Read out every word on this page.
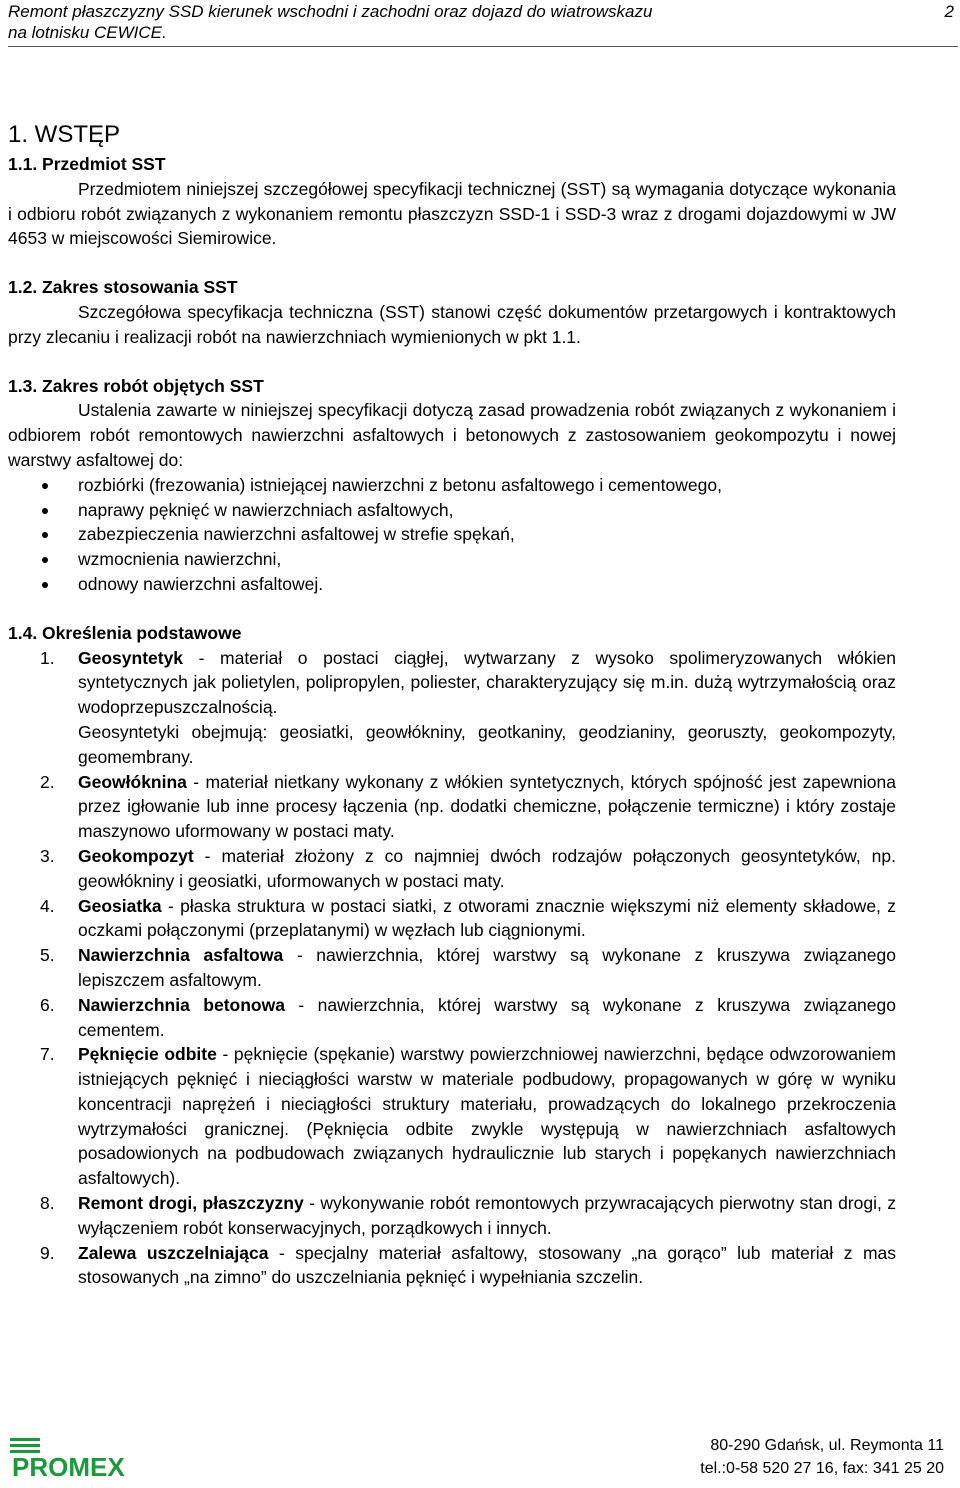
Remont płaszczyzny SSD kierunek wschodni i zachodni oraz dojazd do wiatrowskazu
na lotnisku CEWICE.
2
1. WSTĘP
1.1. Przedmiot SST
Przedmiotem niniejszej szczegółowej specyfikacji technicznej (SST) są wymagania dotyczące wykonania i odbioru robót związanych z wykonaniem remontu płaszczyzn SSD-1 i SSD-3 wraz z drogami dojazdowymi w JW 4653 w miejscowości Siemirowice.
1.2. Zakres stosowania SST
Szczegółowa specyfikacja techniczna (SST) stanowi część dokumentów przetargowych i kontraktowych przy zlecaniu i realizacji robót na nawierzchniach wymienionych w pkt 1.1.
1.3. Zakres robót objętych SST
Ustalenia zawarte w niniejszej specyfikacji dotyczą zasad prowadzenia robót związanych z wykonaniem i odbiorem robót remontowych nawierzchni asfaltowych i betonowych z zastosowaniem geokompozytu i nowej warstwy asfaltowej do:
rozbiórki (frezowania) istniejącej nawierzchni z betonu asfaltowego i cementowego,
naprawy pęknięć w nawierzchniach asfaltowych,
zabezpieczenia nawierzchni asfaltowej w strefie spękań,
wzmocnienia nawierzchni,
odnowy nawierzchni asfaltowej.
1.4. Określenia podstawowe
1. Geosyntetyk - materiał o postaci ciągłej, wytwarzany z wysoko spolimeryzowanych włókien syntetycznych jak polietylen, polipropylen, poliester, charakteryzujący się m.in. dużą wytrzymałością oraz wodoprzepuszczalnością.
Geosyntetyki obejmują: geosiatki, geowłókniny, geotkaniny, geodzianiny, georuszty, geokompozyty, geomembrany.
2. Geowłóknina - materiał nietkany wykonany z włókien syntetycznych, których spójność jest zapewniona przez igłowanie lub inne procesy łączenia (np. dodatki chemiczne, połączenie termiczne) i który zostaje maszynowo uformowany w postaci maty.
3. Geokompozyt - materiał złożony z co najmniej dwóch rodzajów połączonych geosyntetyków, np. geowłókniny i geosiatki, uformowanych w postaci maty.
4. Geosiatka - płaska struktura w postaci siatki, z otworami znacznie większymi niż elementy składowe, z oczkami połączonymi (przeplatanymi) w węzłach lub ciągnionymi.
5. Nawierzchnia asfaltowa - nawierzchnia, której warstwy są wykonane z kruszywa związanego lepiszczem asfaltowym.
6. Nawierzchnia betonowa - nawierzchnia, której warstwy są wykonane z kruszywa związanego cementem.
7. Pęknięcie odbite - pęknięcie (spękanie) warstwy powierzchniowej nawierzchni, będące odwzorowaniem istniejących pęknięć i nieciągłości warstw w materiale podbudowy, propagowanych w górę w wyniku koncentracji naprężeń i nieciągłości struktury materiału, prowadzących do lokalnego przekroczenia wytrzymałości granicznej. (Pęknięcia odbite zwykle występują w nawierzchniach asfaltowych posadowionych na podbudowach związanych hydraulicznie lub starych i popękanych nawierzchniach asfaltowych).
8. Remont drogi, płaszczyzny - wykonywanie robót remontowych przywracających pierwotny stan drogi, z wyłączeniem robót konserwacyjnych, porządkowych i innych.
9. Zalewa uszczelniająca - specjalny materiał asfaltowy, stosowany „na gorąco” lub materiał z mas stosowanych „na zimno” do uszczelniania pęknięć i wypełniania szczelin.
PROMEX
80-290 Gdańsk, ul. Reymonta 11
tel.:0-58 520 27 16, fax: 341 25 20
